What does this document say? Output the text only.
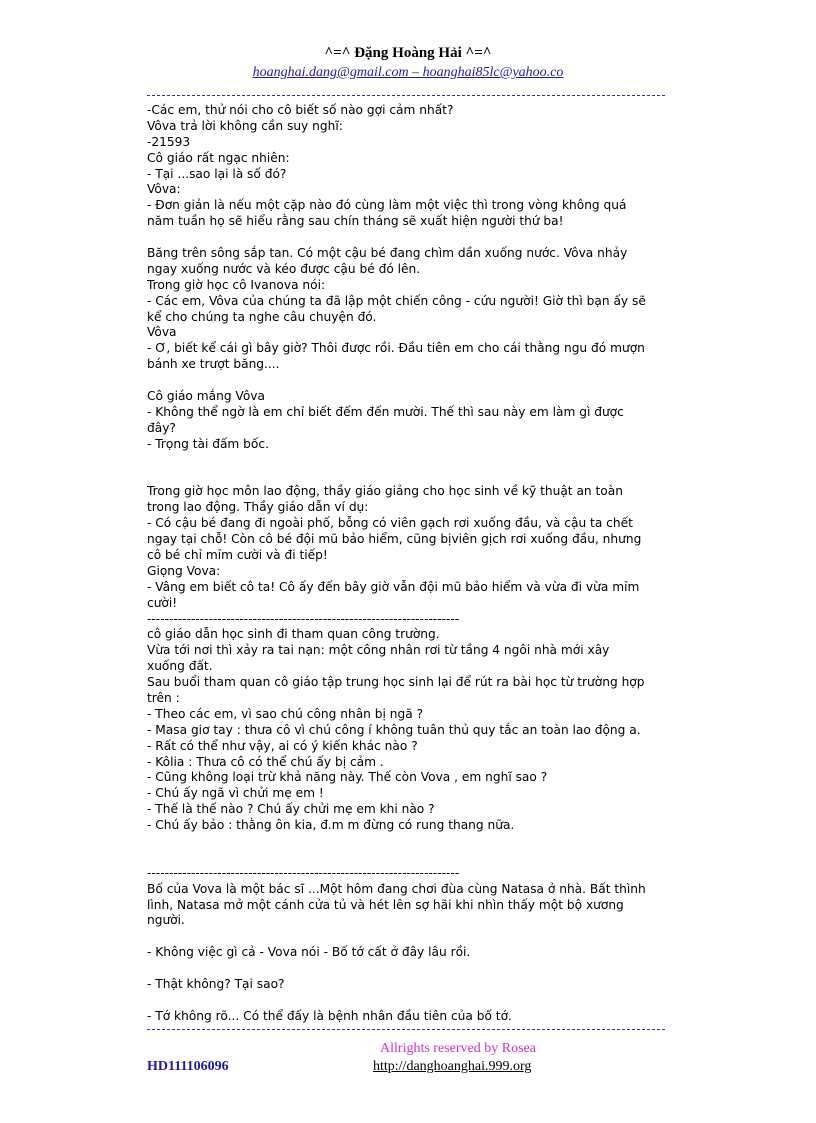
^=^ Đặng Hoàng Hải ^=^
hoanghai.dang@gmail.com – hoanghai85lc@yahoo.co
-Các em, thử nói cho cô biết số nào gợi cảm nhất?
Vôva trả lời không cần suy nghĩ:
-21593
Cô giáo rất ngạc nhiên:
- Tại ...sao lại là số đó?
Vôva:
- Đơn giản là nếu một cặp nào đó cùng làm một việc thì trong vòng không quá
năm tuần họ sẽ hiểu rằng sau chín tháng sẽ xuất hiện người thứ ba!
Băng trên sông sắp tan. Có một cậu bé đang chìm dần xuống nước. Vôva nhảy
ngay xuống nước và kéo được cậu bé đó lên.
Trong giờ học cô Ivanova nói:
- Các em, Vôva của chúng ta đã lập một chiến công - cứu người! Giờ thì bạn ấy sẽ
kể cho chúng ta nghe câu chuyện đó.
Vôva
- Ơ, biết kể cái gì bây giờ? Thôi được rồi. Đầu tiên em cho cái thằng ngu đó mượn
bánh xe trượt băng....
Cô giáo mắng Vôva
- Không thể ngờ là em chỉ biết đếm đến mười. Thế thì sau này em làm gì được
đây?
- Trọng tài đấm bốc.
Trong giờ học môn lao động, thầy giáo giảng cho học sinh về kỹ thuật an toàn
trong lao động. Thầy giáo dẫn ví dụ:
- Có cậu bé đang đi ngoài phố, bỗng có viên gạch rơi xuống đầu, và cậu ta chết
ngay tại chỗ! Còn cô bé đội mũ bảo hiểm, cũng bịviên gịch rơi xuống đầu, nhưng
cô bé chỉ mỉm cười và đi tiếp!
Giọng Vova:
- Vâng em biết cô ta! Cô ấy đến bây giờ vẫn đội mũ bảo hiểm và vừa đi vừa mỉm
cười!
-----------------------------------------------------------------------
cô giáo dẫn học sinh đi tham quan công trường.
Vừa tới nơi thì xảy ra tai nạn: một công nhân rơi từ tầng 4 ngôi nhà mới xây
xuống đất.
Sau buổi tham quan cô giáo tập trung học sinh lại để rút ra bài học từ trường hợp
trên :
- Theo các em, vì sao chú công nhân bị ngã ?
- Masa giơ tay : thưa cô vì chú công í không tuân thủ quy tắc an toàn lao động a.
- Rất có thể như vậy, ai có ý kiến khác nào ?
- Kôlia : Thưa cô có thể chú ấy bị cảm .
- Cũng không loại trừ khả năng này. Thế còn Vova , em nghĩ sao ?
- Chú ấy ngã vì chửi mẹ em !
- Thế là thế nào ? Chú ấy chửi mẹ em khi nào ?
- Chú ấy bảo : thằng ôn kia, đ.m m đừng có rung thang nữa.
-----------------------------------------------------------------------
Bố của Vova là một bác sĩ ...Một hôm đang chơi đùa cùng Natasa ở nhà. Bất thình
lình, Natasa mở một cánh cửa tủ và hét lên sợ hãi khi nhìn thấy một bộ xương
người.
- Không việc gì cả - Vova nói - Bố tớ cất ở đây lâu rồi.
- Thật không? Tại sao?
- Tớ không rõ... Có thể đấy là bệnh nhân đầu tiên của bố tớ.
Allrights reserved by Rosea
HD111106096	http://danghoanghai.999.org
